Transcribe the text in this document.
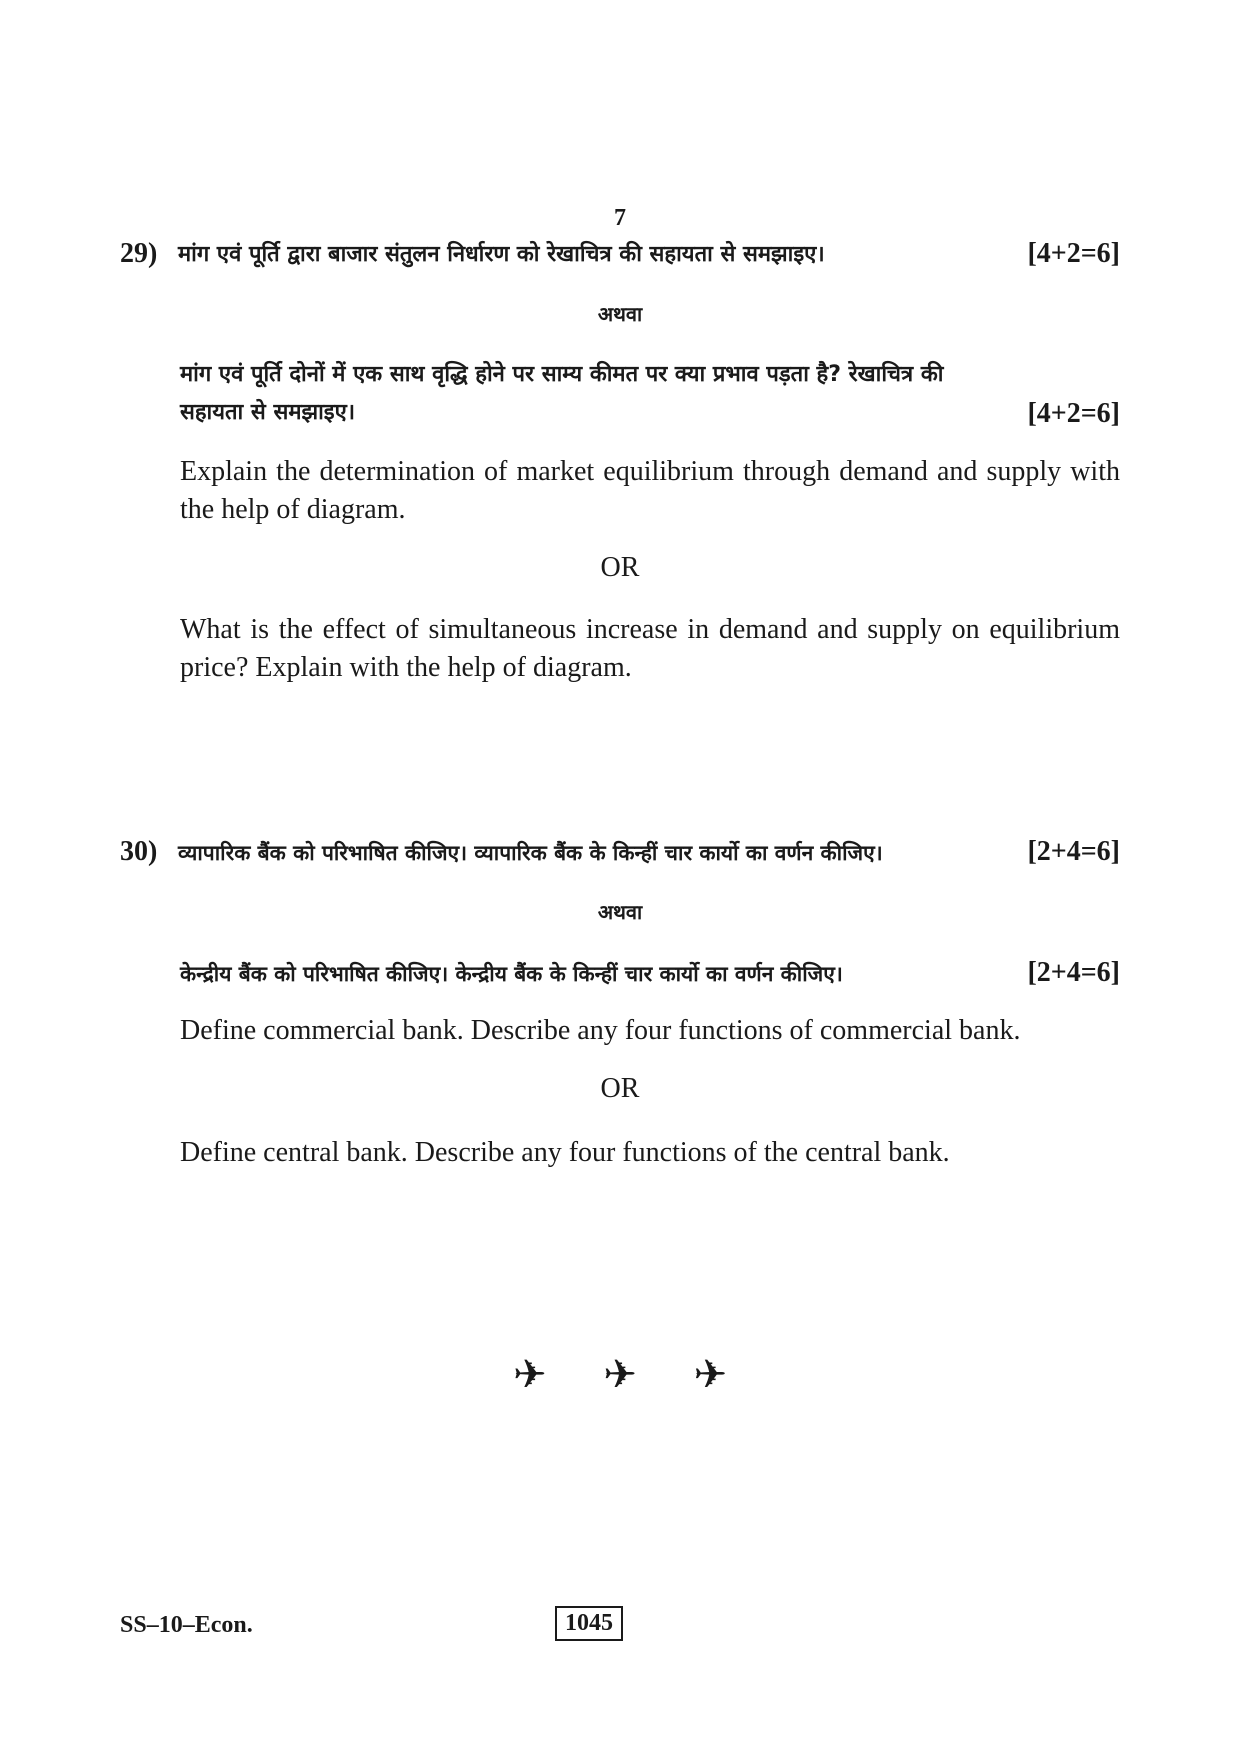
7
29) मांग एवं पूर्ति द्वारा बाजार संतुलन निर्धारण को रेखाचित्र की सहायता से समझाइए।	[4+2=6]
अथवा
मांग एवं पूर्ति दोनों में एक साथ वृद्धि होने पर साम्य कीमत पर क्या प्रभाव पड़ता है? रेखाचित्र की
सहायता से समझाइए।	[4+2=6]
Explain the determination of market equilibrium through demand and supply with the help of diagram.
OR
What is the effect of simultaneous increase in demand and supply on equilibrium price? Explain with the help of diagram.
30) व्यापारिक बैंक को परिभाषित कीजिए। व्यापारिक बैंक के किन्हीं चार कार्यो का वर्णन कीजिए।	[2+4=6]
अथवा
केन्द्रीय बैंक को परिभाषित कीजिए। केन्द्रीय बैंक के किन्हीं चार कार्यो का वर्णन कीजिए।	[2+4=6]
Define commercial bank. Describe any four functions of commercial bank.
OR
Define central bank. Describe any four functions of the central bank.
✈ ✈ ✈
SS–10–Econ.	1045
